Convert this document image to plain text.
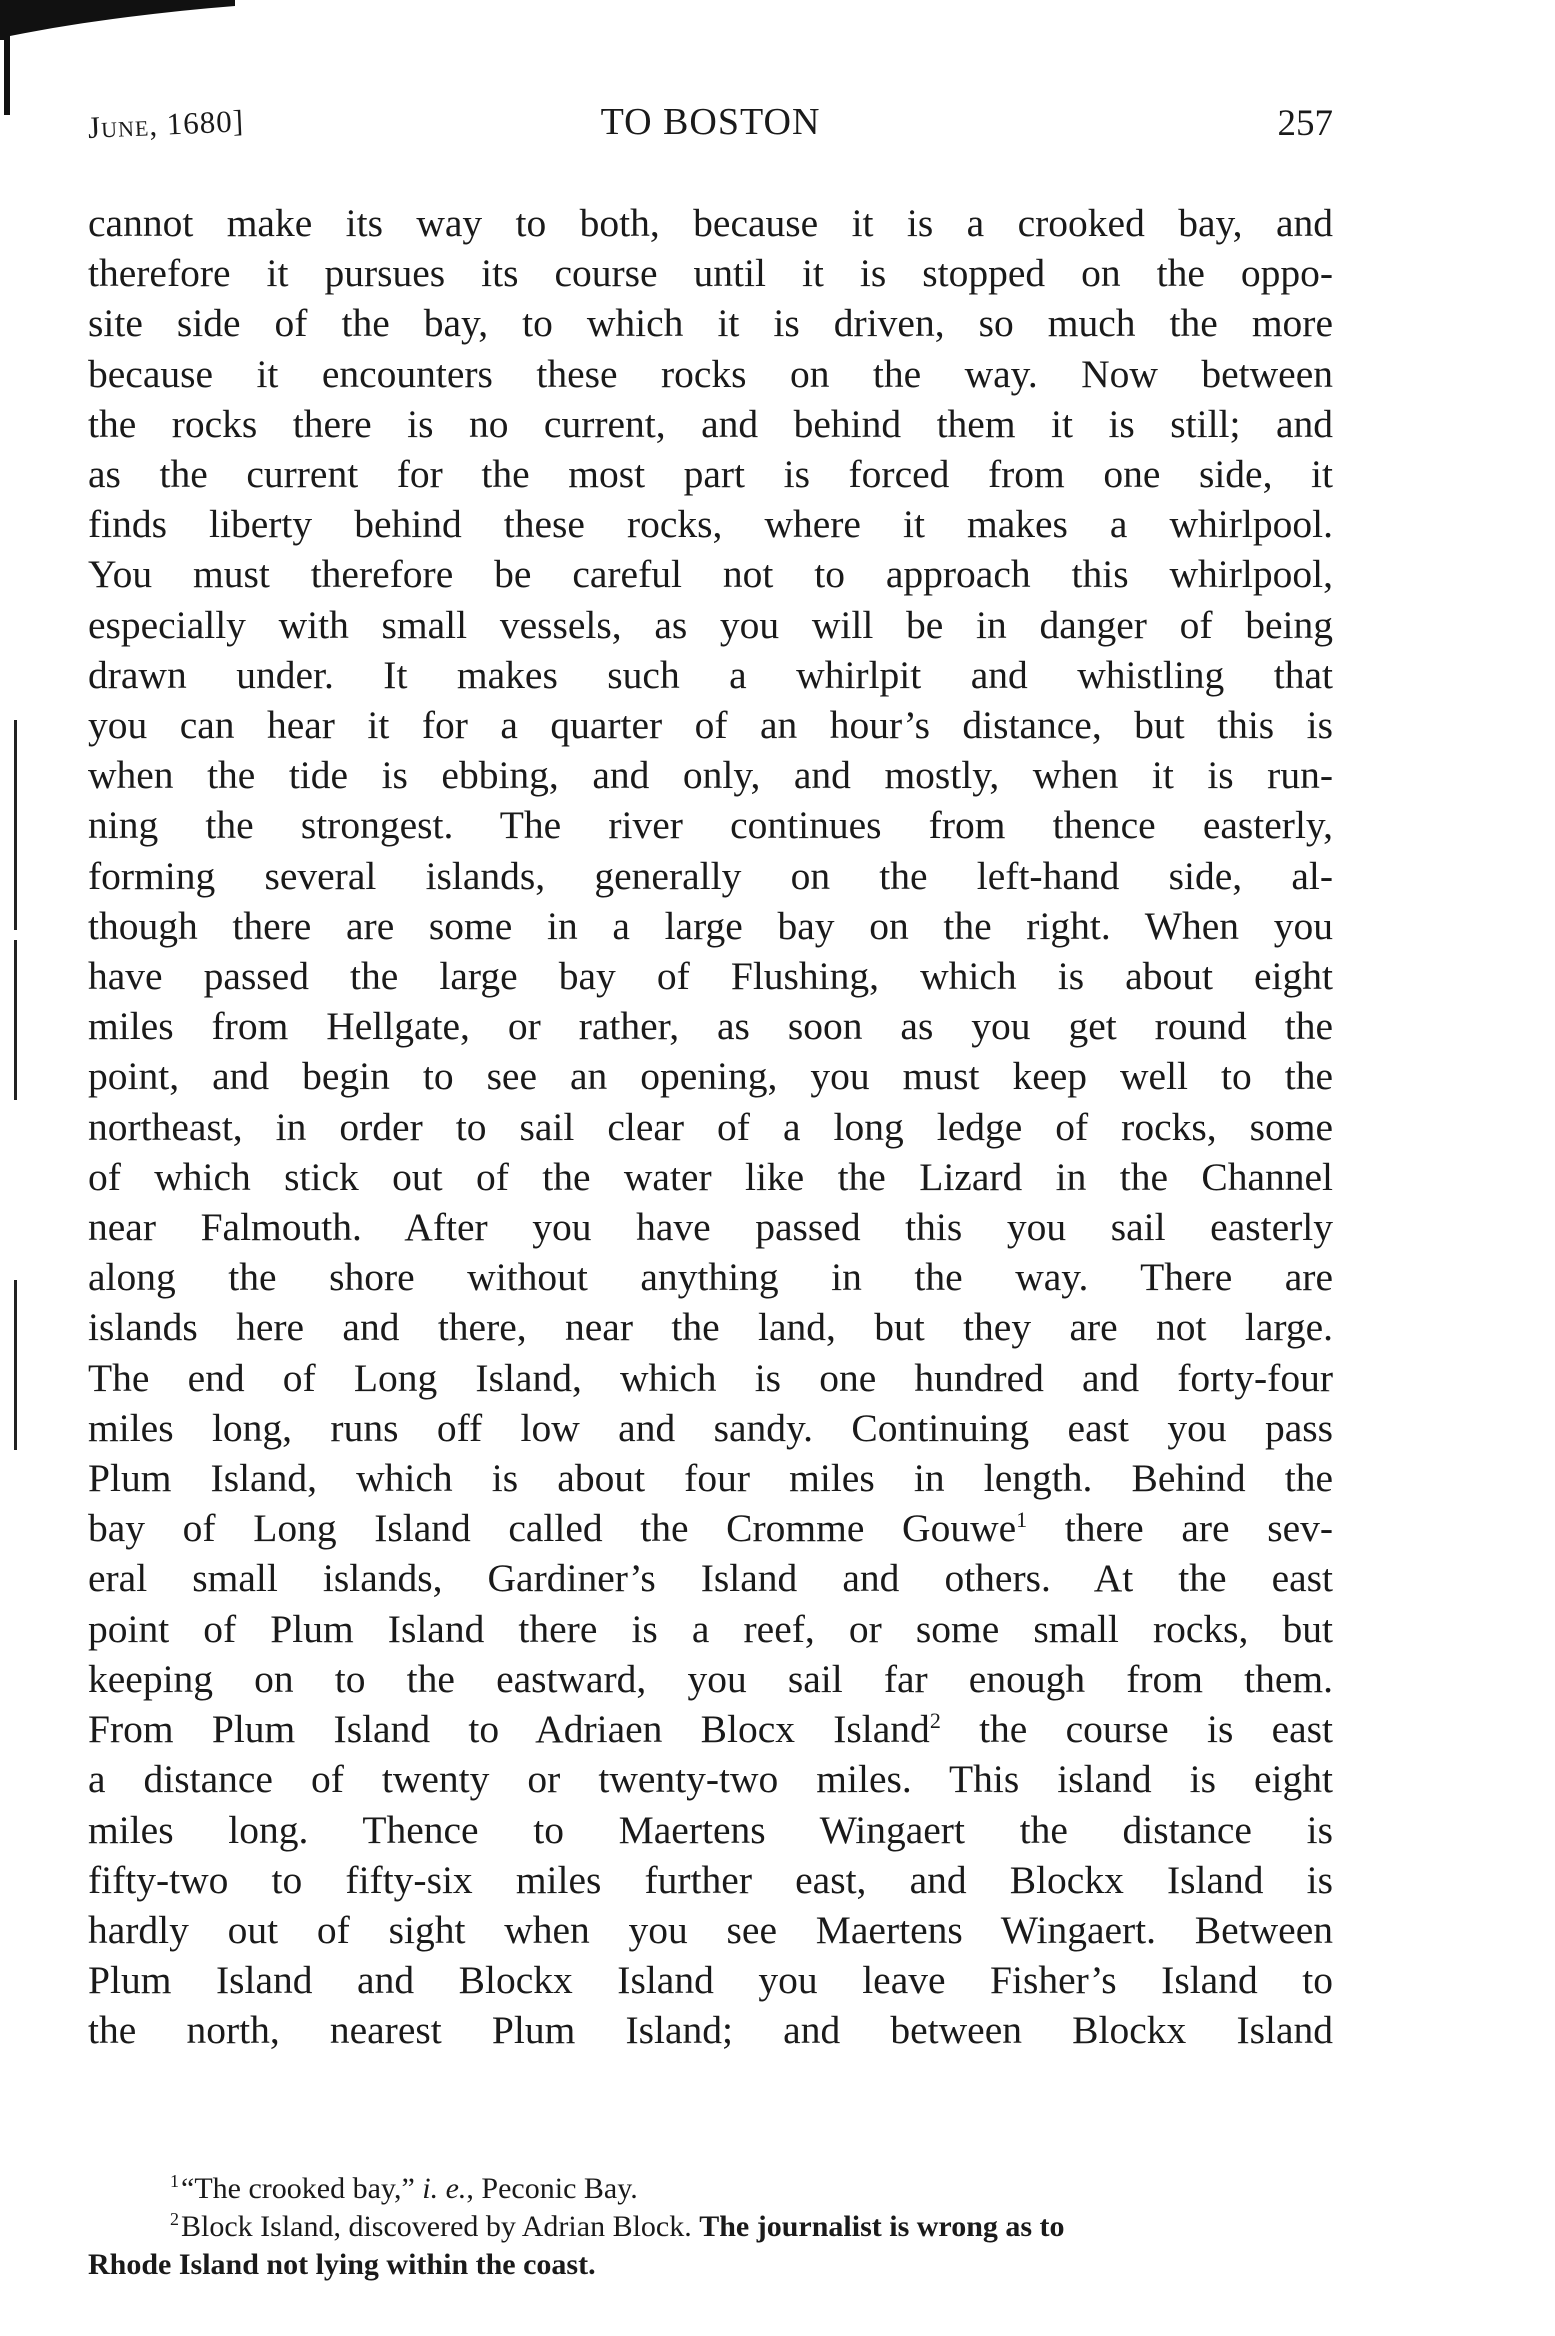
June, 1680]	TO BOSTON	257
cannot make its way to both, because it is a crooked bay, and
therefore it pursues its course until it is stopped on the oppo-
site side of the bay, to which it is driven, so much the more
because it encounters these rocks on the way. Now between
the rocks there is no current, and behind them it is still; and
as the current for the most part is forced from one side, it
finds liberty behind these rocks, where it makes a whirlpool.
You must therefore be careful not to approach this whirlpool,
especially with small vessels, as you will be in danger of being
drawn under. It makes such a whirlpit and whistling that
you can hear it for a quarter of an hour’s distance, but this is
when the tide is ebbing, and only, and mostly, when it is run-
ning the strongest. The river continues from thence easterly,
forming several islands, generally on the left-hand side, al-
though there are some in a large bay on the right. When you
have passed the large bay of Flushing, which is about eight
miles from Hellgate, or rather, as soon as you get round the
point, and begin to see an opening, you must keep well to the
northeast, in order to sail clear of a long ledge of rocks, some
of which stick out of the water like the Lizard in the Channel
near Falmouth. After you have passed this you sail easterly
along the shore without anything in the way. There are
islands here and there, near the land, but they are not large.
The end of Long Island, which is one hundred and forty-four
miles long, runs off low and sandy. Continuing east you pass
Plum Island, which is about four miles in length. Behind the
bay of Long Island called the Cromme Gouwe$^1$ there are sev-
eral small islands, Gardiner’s Island and others. At the east
point of Plum Island there is a reef, or some small rocks, but
keeping on to the eastward, you sail far enough from them.
From Plum Island to Adriaen Blocx Island$^2$ the course is east
a distance of twenty or twenty-two miles. This island is eight
miles long. Thence to Maertens Wingaert the distance is
fifty-two to fifty-six miles further east, and Blockx Island is
hardly out of sight when you see Maertens Wingaert. Between
Plum Island and Blockx Island you leave Fisher’s Island to
the north, nearest Plum Island; and between Blockx Island
$^1$“The crooked bay,” i. e., Peconic Bay.
$^2$Block Island, discovered by Adrian Block. The journalist is wrong as to
Rhode Island not lying within the coast.
